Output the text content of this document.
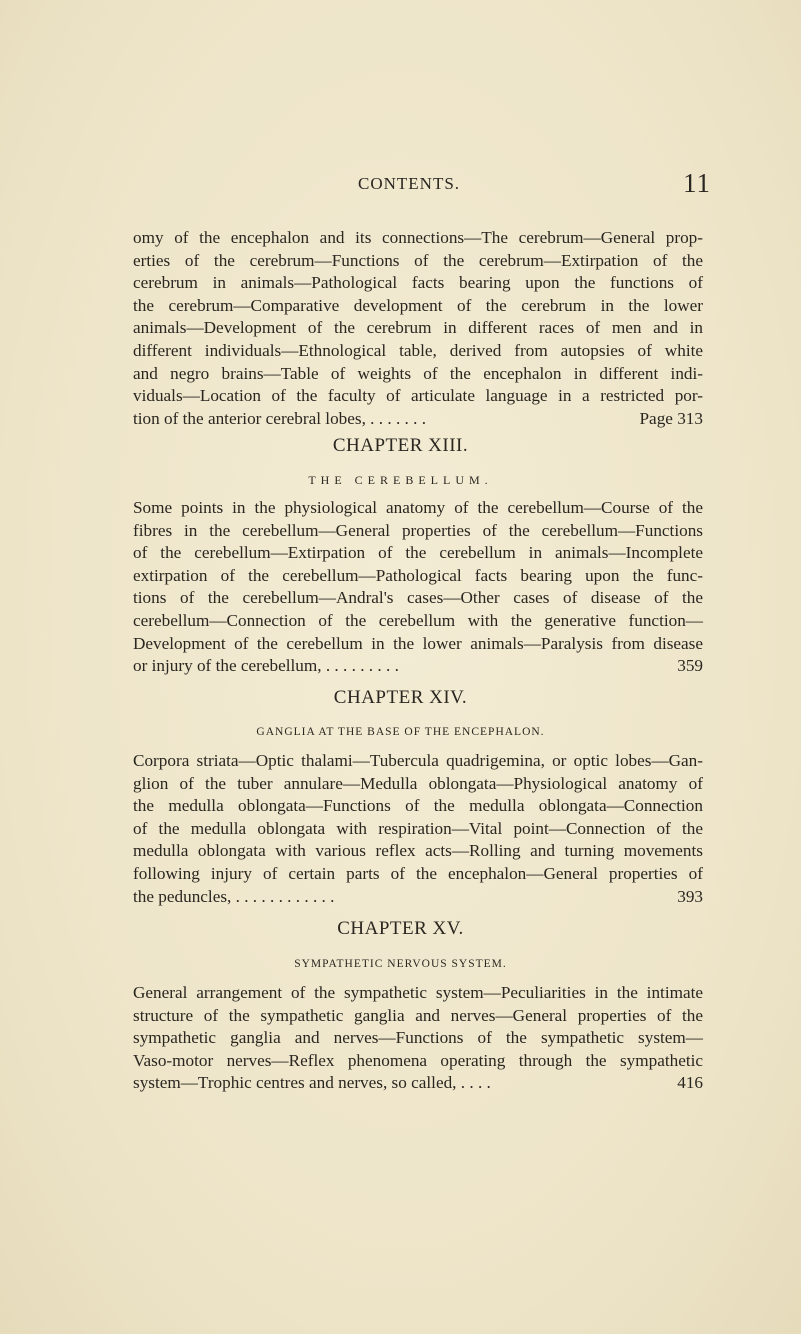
CONTENTS.	11
omy of the encephalon and its connections—The cerebrum—General prop-
erties of the cerebrum—Functions of the cerebrum—Extirpation of the
cerebrum in animals—Pathological facts bearing upon the functions of
the cerebrum—Comparative development of the cerebrum in the lower
animals—Development of the cerebrum in different races of men and in
different individuals—Ethnological table, derived from autopsies of white
and negro brains—Table of weights of the encephalon in different indi-
viduals—Location of the faculty of articulate language in a restricted por-
tion of the anterior cerebral lobes, . . . . . . .	Page 313
CHAPTER XIII.
THE CEREBELLUM.
Some points in the physiological anatomy of the cerebellum—Course of the
fibres in the cerebellum—General properties of the cerebellum—Functions
of the cerebellum—Extirpation of the cerebellum in animals—Incomplete
extirpation of the cerebellum—Pathological facts bearing upon the func-
tions of the cerebellum—Andral's cases—Other cases of disease of the
cerebellum—Connection of the cerebellum with the generative function—
Development of the cerebellum in the lower animals—Paralysis from disease
or injury of the cerebellum, . . . . . . . . .	359
CHAPTER XIV.
GANGLIA AT THE BASE OF THE ENCEPHALON.
Corpora striata—Optic thalami—Tubercula quadrigemina, or optic lobes—Gan-
glion of the tuber annulare—Medulla oblongata—Physiological anatomy of
the medulla oblongata—Functions of the medulla oblongata—Connection
of the medulla oblongata with respiration—Vital point—Connection of the
medulla oblongata with various reflex acts—Rolling and turning movements
following injury of certain parts of the encephalon—General properties of
the peduncles, . . . . . . . . . . . .	393
CHAPTER XV.
SYMPATHETIC NERVOUS SYSTEM.
General arrangement of the sympathetic system—Peculiarities in the intimate
structure of the sympathetic ganglia and nerves—General properties of the
sympathetic ganglia and nerves—Functions of the sympathetic system—
Vaso-motor nerves—Reflex phenomena operating through the sympathetic
system—Trophic centres and nerves, so called, . . . .	416
